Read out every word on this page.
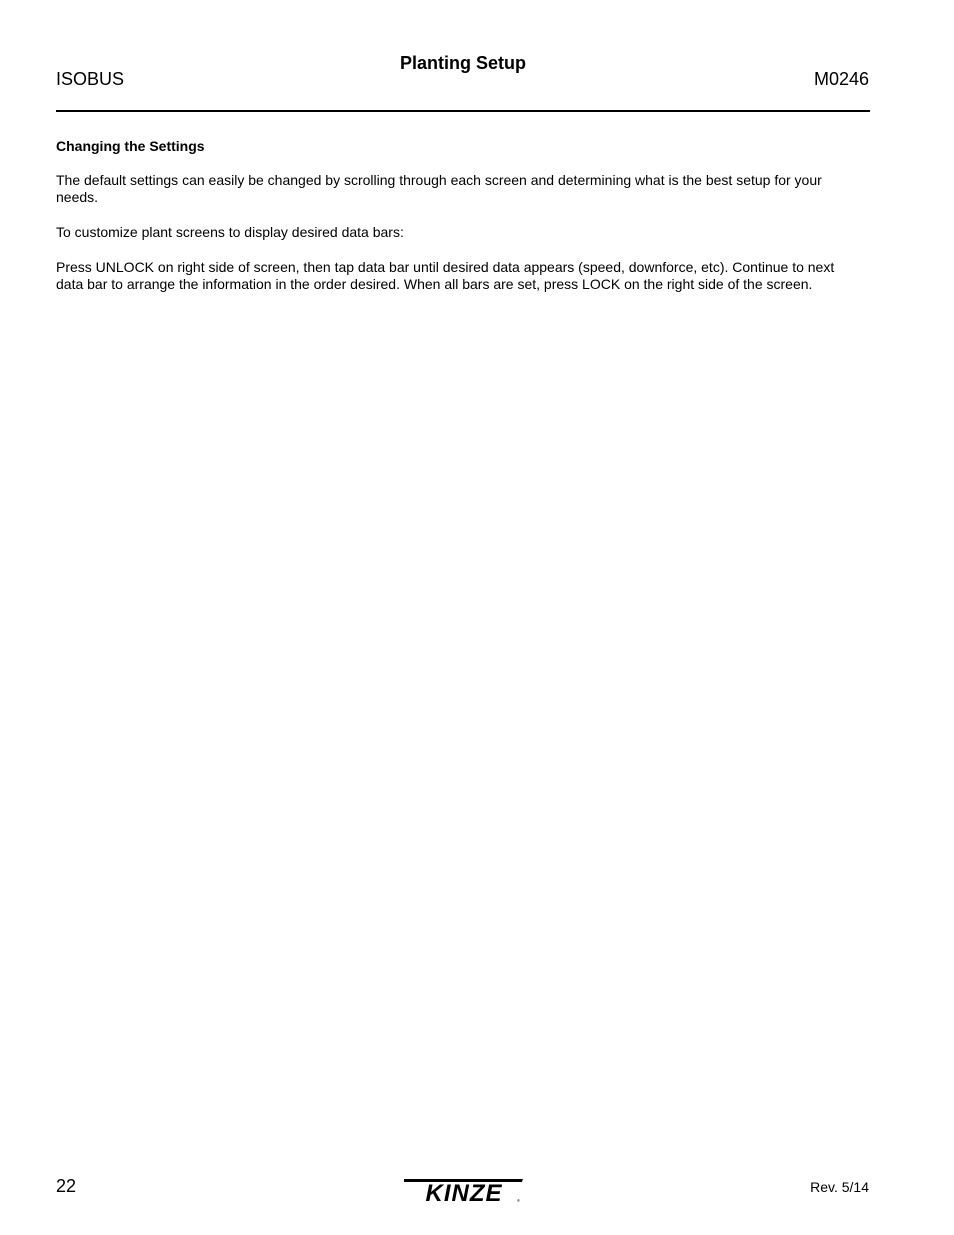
ISOBUS
Planting Setup
M0246
Changing the Settings

The default settings can easily be changed by scrolling through each screen and determining what is the best setup for your needs.

To customize plant screens to display desired data bars:

Press UNLOCK on right side of screen, then tap data bar until desired data appears (speed, downforce, etc). Continue to next data bar to arrange the information in the order desired. When all bars are set, press LOCK on the right side of the screen.

22	KINZE	®
Rev. 5/14
